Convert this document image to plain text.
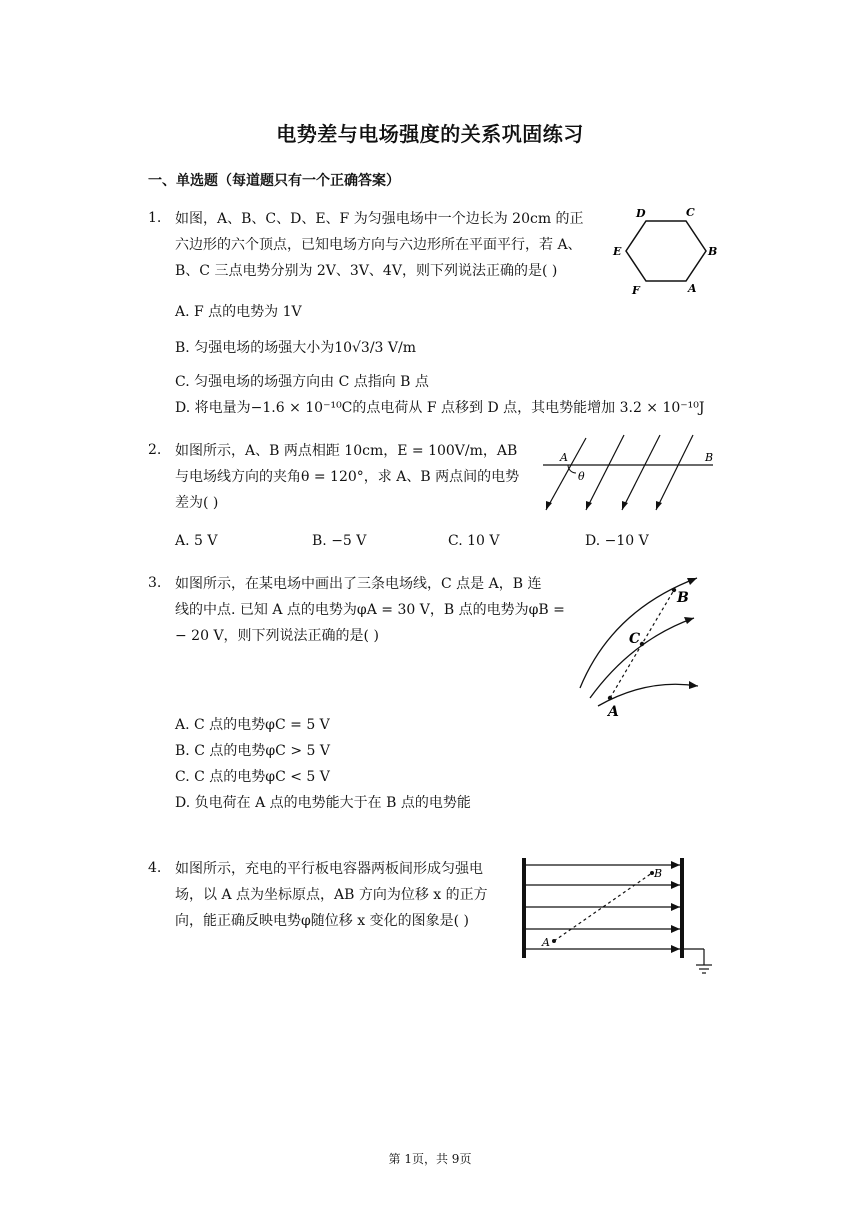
电势差与电场强度的关系巩固练习
一、单选题（每道题只有一个正确答案）
1. 如图，A、B、C、D、E、F 为匀强电场中一个边长为 20cm 的正
六边形的六个顶点，已知电场方向与六边形所在平面平行，若 A、
B、C 三点电势分别为 2V、3V、4V，则下列说法正确的是( )
D	C
E	B
F	A
A. F 点的电势为 1V
B. 匀强电场的场强大小为10√3/3 V/m
C. 匀强电场的场强方向由 C 点指向 B 点
D. 将电量为−1.6 × 10⁻¹⁰C的点电荷从 F 点移到 D 点，其电势能增加 3.2 × 10⁻¹⁰J
2. 如图所示，A、B 两点相距 10cm，E = 100V/m，AB
与电场线方向的夹角θ = 120°，求 A、B 两点间的电势
差为( )
A	B
θ
A. 5 V	B. −5 V	C. 10 V	D. −10 V
3. 如图所示，在某电场中画出了三条电场线，C 点是 A，B 连
线的中点. 已知 A 点的电势为φA = 30 V，B 点的电势为φB =
− 20 V，则下列说法正确的是( )
B
C
A
A. C 点的电势φC = 5 V
B. C 点的电势φC > 5 V
C. C 点的电势φC < 5 V
D. 负电荷在 A 点的电势能大于在 B 点的电势能
4. 如图所示，充电的平行板电容器两板间形成匀强电
场，以 A 点为坐标原点，AB 方向为位移 x 的正方
向，能正确反映电势φ随位移 x 变化的图象是( )
B
A
第 1页，共 9页
